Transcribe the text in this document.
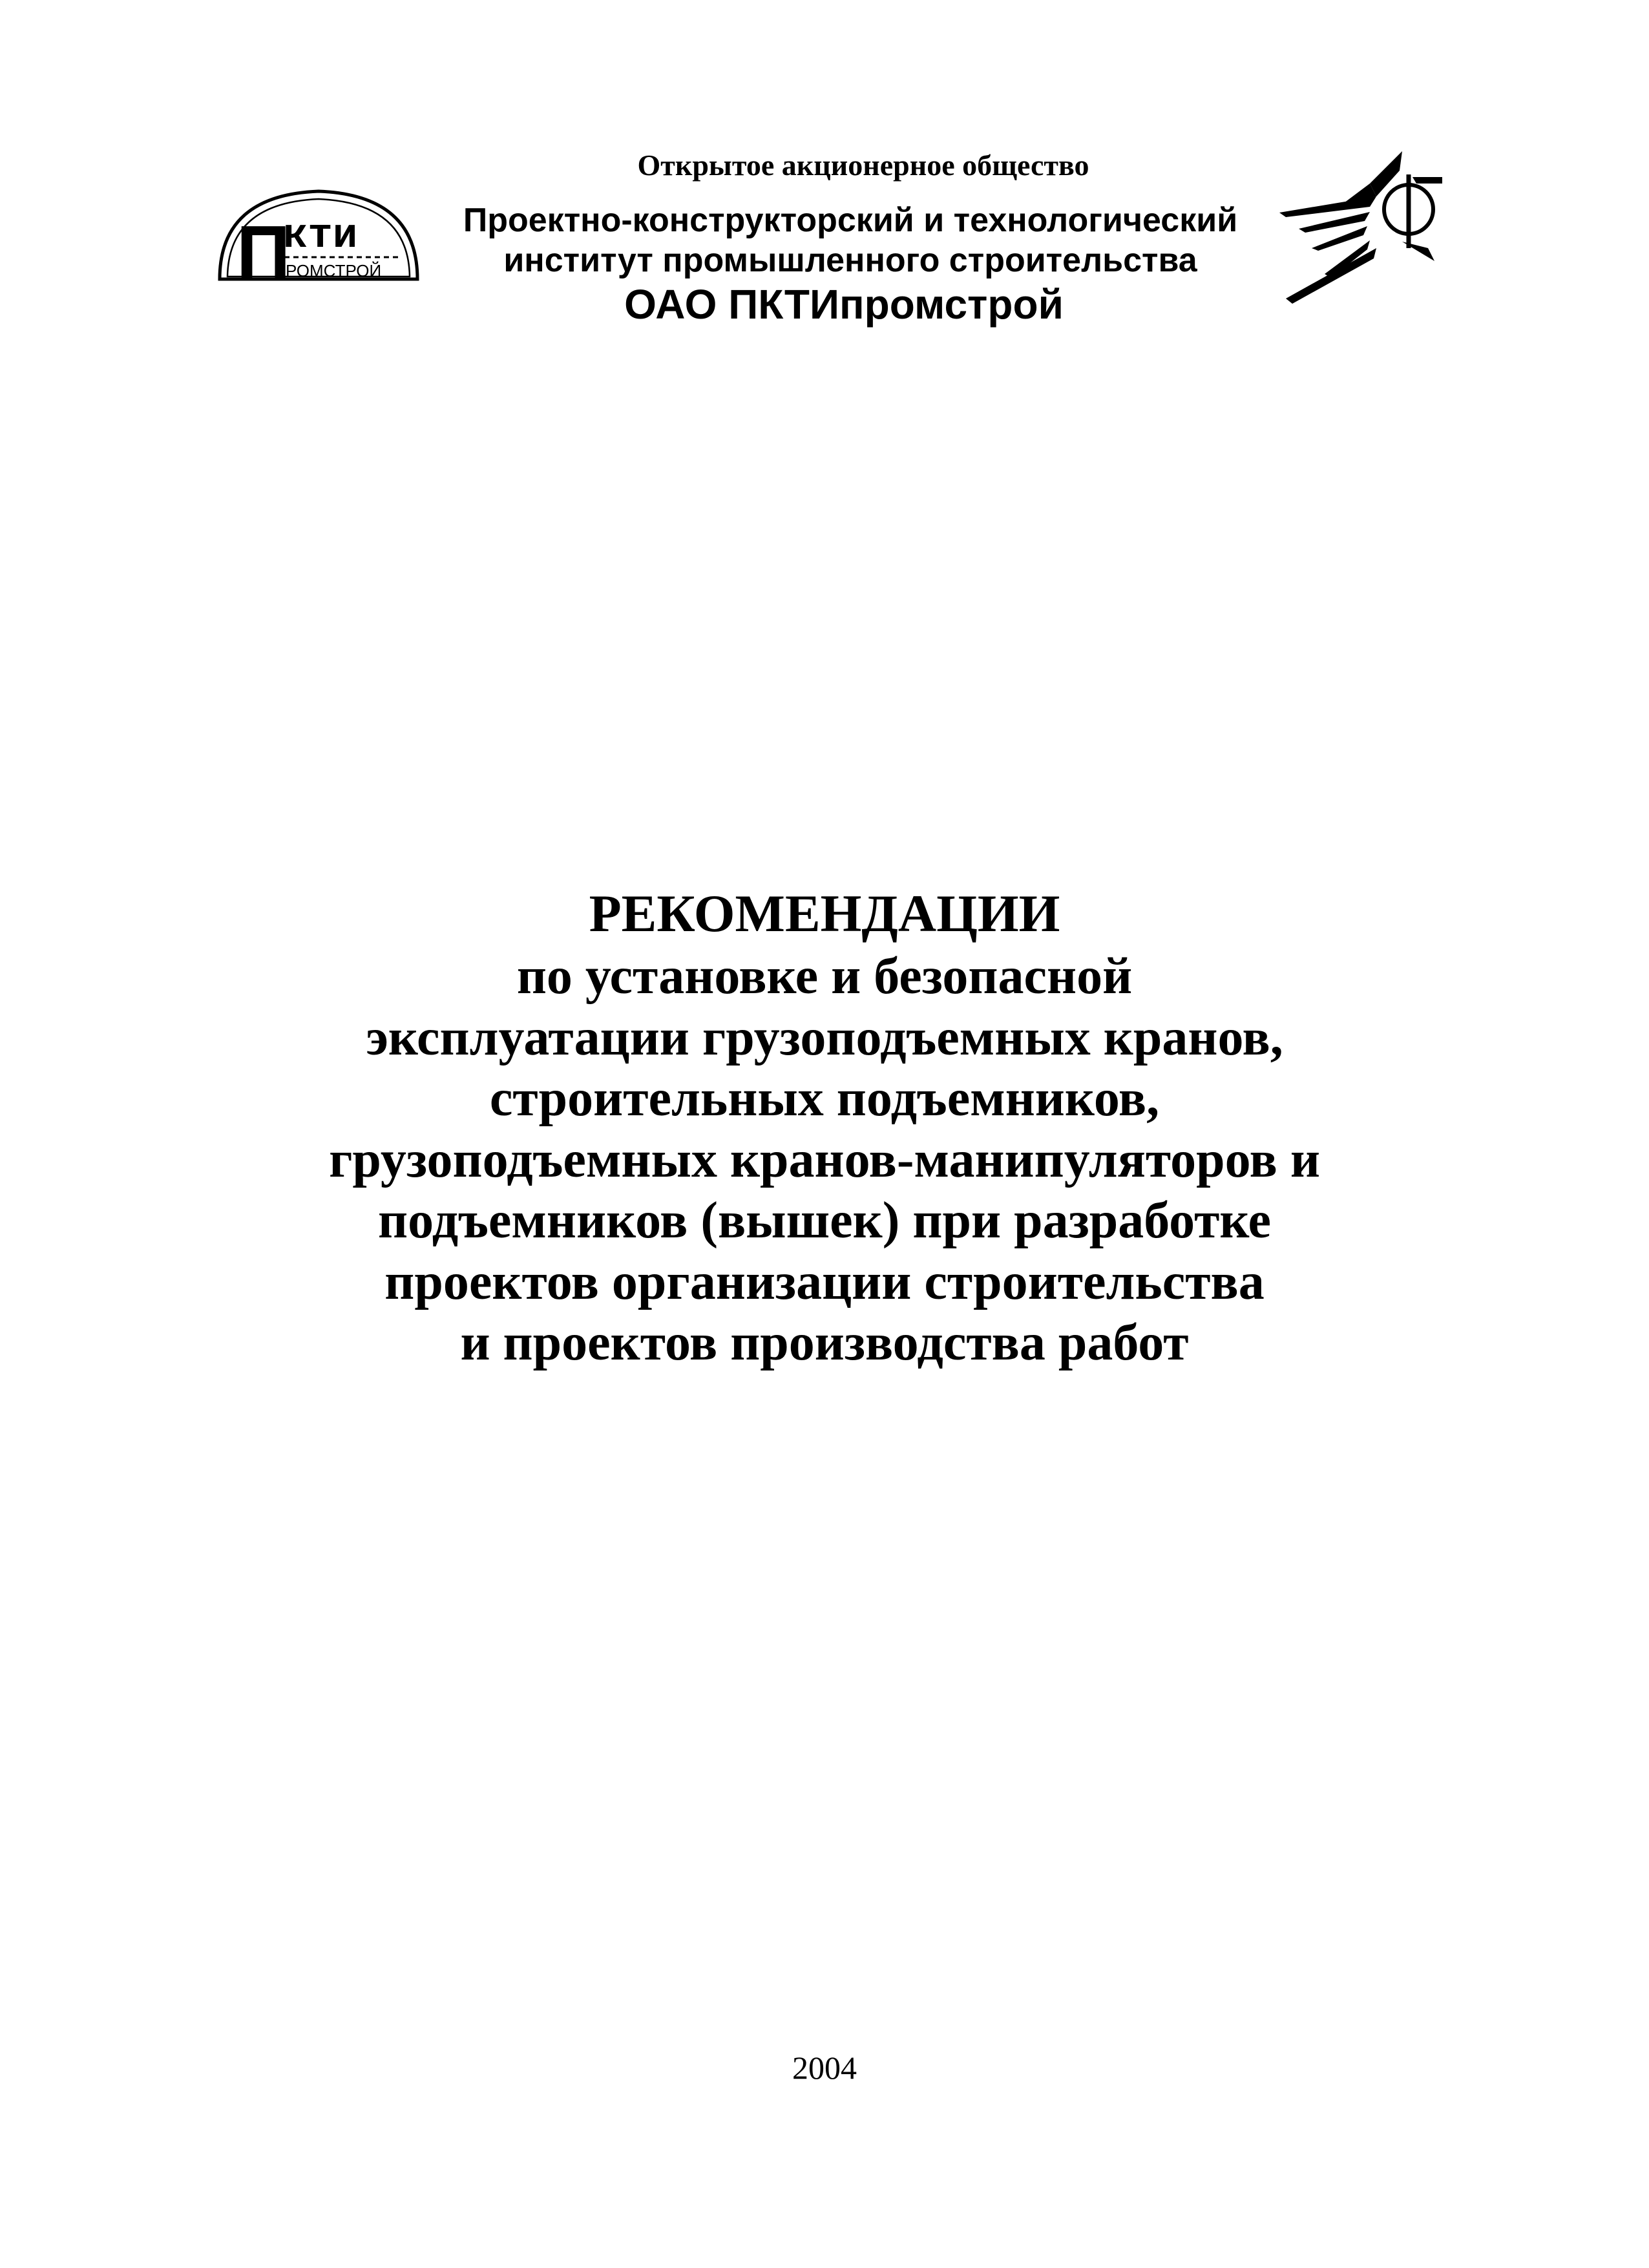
Открытое акционерное общество
Проектно-конструкторский и технологический
институт промышленного строительства
ОАО ПКТИпромстрой
П
кти
РОМСТРОЙ
РЕКОМЕНДАЦИИ
по установке и безопасной
эксплуатации грузоподъемных кранов,
строительных подъемников,
грузоподъемных кранов-манипуляторов и
подъемников (вышек) при разработке
проектов организации строительства
и проектов производства работ
2004
